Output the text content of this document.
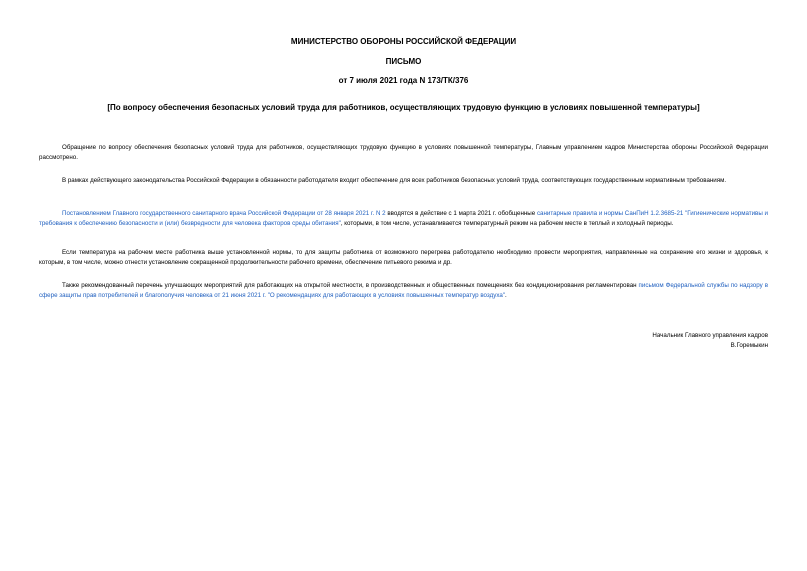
МИНИСТЕРСТВО ОБОРОНЫ РОССИЙСКОЙ ФЕДЕРАЦИИ
ПИСЬМО
от 7 июля 2021 года N 173/ТК/376
[По вопросу обеспечения безопасных условий труда для работников, осуществляющих трудовую функцию в условиях повышенной температуры]

Обращение по вопросу обеспечения безопасных условий труда для работников, осуществляющих трудовую функцию в условиях повышенной температуры, Главным управлением кадров Министерства обороны Российской Федерации рассмотрено.

В рамках действующего законодательства Российской Федерации в обязанности работодателя входит обеспечение для всех работников безопасных условий труда, соответствующих государственным нормативным требованиям.

Постановлением Главного государственного санитарного врача Российской Федерации от 28 января 2021 г. N 2 вводятся в действие с 1 марта 2021 г. обобщенные санитарные правила и нормы СанПиН 1.2.3685-21 "Гигиенические нормативы и требования к обеспечению безопасности и (или) безвредности для человека факторов среды обитания", которыми, в том числе, устанавливается температурный режим на рабочем месте в теплый и холодный периоды.

Если температура на рабочем месте работника выше установленной нормы, то для защиты работника от возможного перегрева работодателю необходимо провести мероприятия, направленные на сохранение его жизни и здоровья, к которым, в том числе, можно отнести установление сокращенной продолжительности рабочего времени, обеспечение питьевого режима и др.

Также рекомендованный перечень улучшающих мероприятий для работающих на открытой местности, в производственных и общественных помещениях без кондиционирования регламентирован письмом Федеральной службы по надзору в сфере защиты прав потребителей и благополучия человека от 21 июня 2021 г. "О рекомендациях для работающих в условиях повышенных температур воздуха".

Начальник Главного управления кадров
В.Горемыкин
